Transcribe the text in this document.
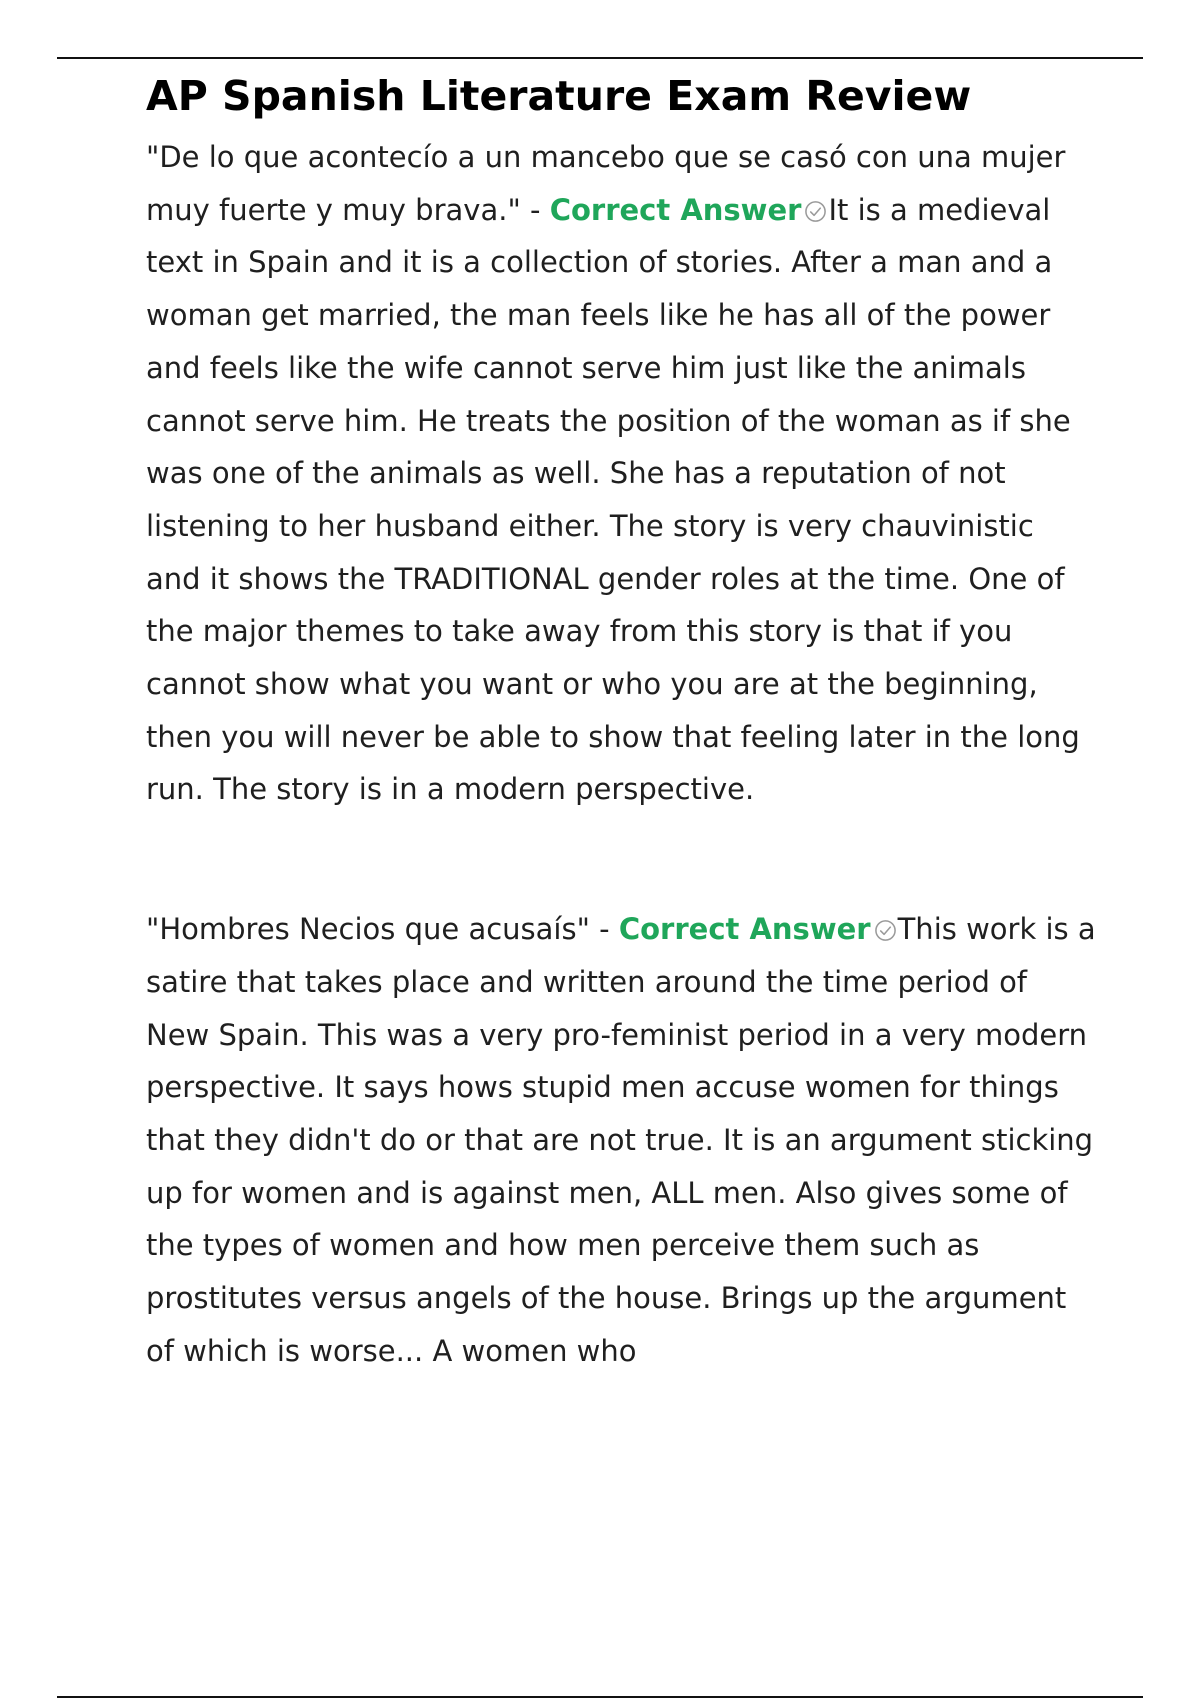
AP Spanish Literature Exam Review

"De lo que acontecío a un mancebo que se casó con una mujer muy fuerte y muy brava." - Correct Answer It is a medieval text in Spain and it is a collection of stories. After a man and a woman get married, the man feels like he has all of the power and feels like the wife cannot serve him just like the animals cannot serve him. He treats the position of the woman as if she was one of the animals as well. She has a reputation of not listening to her husband either. The story is very chauvinistic and it shows the TRADITIONAL gender roles at the time. One of the major themes to take away from this story is that if you cannot show what you want or who you are at the beginning, then you will never be able to show that feeling later in the long run. The story is in a modern perspective.

"Hombres Necios que acusaís" - Correct Answer This work is a satire that takes place and written around the time period of New Spain. This was a very pro-feminist period in a very modern perspective. It says hows stupid men accuse women for things that they didn't do or that are not true. It is an argument sticking up for women and is against men, ALL men. Also gives some of the types of women and how men perceive them such as prostitutes versus angels of the house. Brings up the argument of which is worse... A women who
